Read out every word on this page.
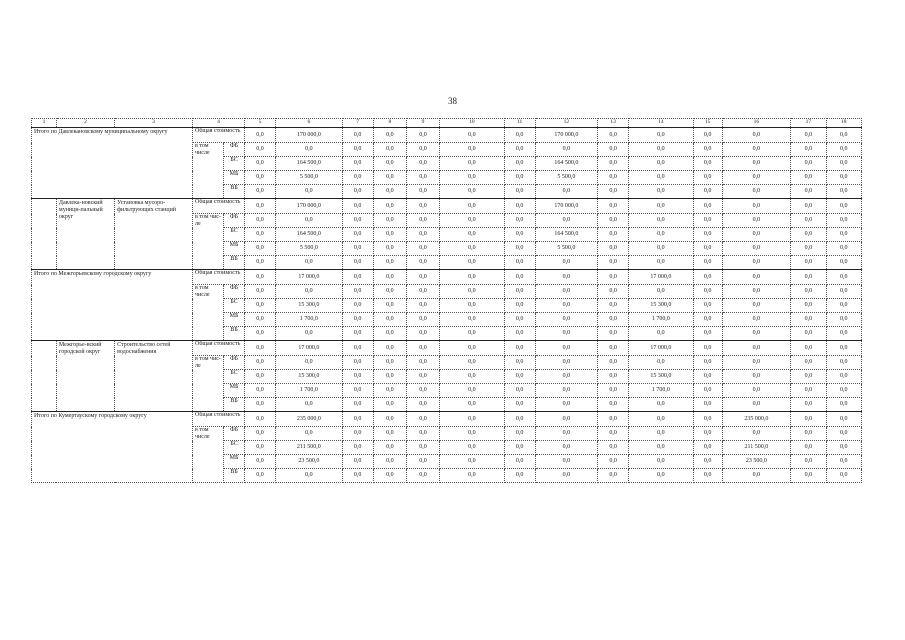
38
1	2	3	4		5	6	7	8	9	10	11	12	13	14	15	16	17	18
Итого по Давлекановскому муниципальному округу			Общая стоимость		0,0	170 000,0	0,0	0,0	0,0	0,0	0,0	170 000,0	0,0	0,0	0,0	0,0	0,0	0,0
			в том числе	ФБ	0,0	0,0	0,0	0,0	0,0	0,0	0,0	0,0	0,0	0,0	0,0	0,0	0,0	0,0
				БС	0,0	164 500,0	0,0	0,0	0,0	0,0	0,0	164 500,0	0,0	0,0	0,0	0,0	0,0	0,0
				МБ	0,0	5 500,0	0,0	0,0	0,0	0,0	0,0	5 500,0	0,0	0,0	0,0	0,0	0,0	0,0
				ВБ	0,0	0,0	0,0	0,0	0,0	0,0	0,0	0,0	0,0	0,0	0,0	0,0	0,0	0,0
	Давлека-новский муници-пальный округ	Установка мусоро-фильтрующих станций	Общая стоимость		0,0	170 000,0	0,0	0,0	0,0	0,0	0,0	170 000,0	0,0	0,0	0,0	0,0	0,0	0,0
			в том чис-ле	ФБ	0,0	0,0	0,0	0,0	0,0	0,0	0,0	0,0	0,0	0,0	0,0	0,0	0,0	0,0
				БС	0,0	164 500,0	0,0	0,0	0,0	0,0	0,0	164 500,0	0,0	0,0	0,0	0,0	0,0	0,0
				МБ	0,0	5 500,0	0,0	0,0	0,0	0,0	0,0	5 500,0	0,0	0,0	0,0	0,0	0,0	0,0
				ВБ	0,0	0,0	0,0	0,0	0,0	0,0	0,0	0,0	0,0	0,0	0,0	0,0	0,0	0,0
Итого по Межгорьевскому городскому округу			Общая стоимость		0,0	17 000,0	0,0	0,0	0,0	0,0	0,0	0,0	0,0	17 000,0	0,0	0,0	0,0	0,0
			в том числе	ФБ	0,0	0,0	0,0	0,0	0,0	0,0	0,0	0,0	0,0	0,0	0,0	0,0	0,0	0,0
				БС	0,0	15 300,0	0,0	0,0	0,0	0,0	0,0	0,0	0,0	15 300,0	0,0	0,0	0,0	0,0
				МБ	0,0	1 700,0	0,0	0,0	0,0	0,0	0,0	0,0	0,0	1 700,0	0,0	0,0	0,0	0,0
				ВБ	0,0	0,0	0,0	0,0	0,0	0,0	0,0	0,0	0,0	0,0	0,0	0,0	0,0	0,0
	Межгорье-вский городской округ	Строительство сетей водоснабжения	Общая стоимость		0,0	17 000,0	0,0	0,0	0,0	0,0	0,0	0,0	0,0	17 000,0	0,0	0,0	0,0	0,0
			в том чис-ле	ФБ	0,0	0,0	0,0	0,0	0,0	0,0	0,0	0,0	0,0	0,0	0,0	0,0	0,0	0,0
				БС	0,0	15 300,0	0,0	0,0	0,0	0,0	0,0	0,0	0,0	15 300,0	0,0	0,0	0,0	0,0
				МБ	0,0	1 700,0	0,0	0,0	0,0	0,0	0,0	0,0	0,0	1 700,0	0,0	0,0	0,0	0,0
				ВБ	0,0	0,0	0,0	0,0	0,0	0,0	0,0	0,0	0,0	0,0	0,0	0,0	0,0	0,0
Итого по Кумертаускому городскому округу			Общая стоимость		0,0	235 000,0	0,0	0,0	0,0	0,0	0,0	0,0	0,0	0,0	0,0	235 000,0	0,0	0,0
			в том числе	ФБ	0,0	0,0	0,0	0,0	0,0	0,0	0,0	0,0	0,0	0,0	0,0	0,0	0,0	0,0
				БС	0,0	211 500,0	0,0	0,0	0,0	0,0	0,0	0,0	0,0	0,0	0,0	211 500,0	0,0	0,0
				МБ	0,0	23 500,0	0,0	0,0	0,0	0,0	0,0	0,0	0,0	0,0	0,0	23 500,0	0,0	0,0
				ВБ	0,0	0,0	0,0	0,0	0,0	0,0	0,0	0,0	0,0	0,0	0,0	0,0	0,0	0,0
